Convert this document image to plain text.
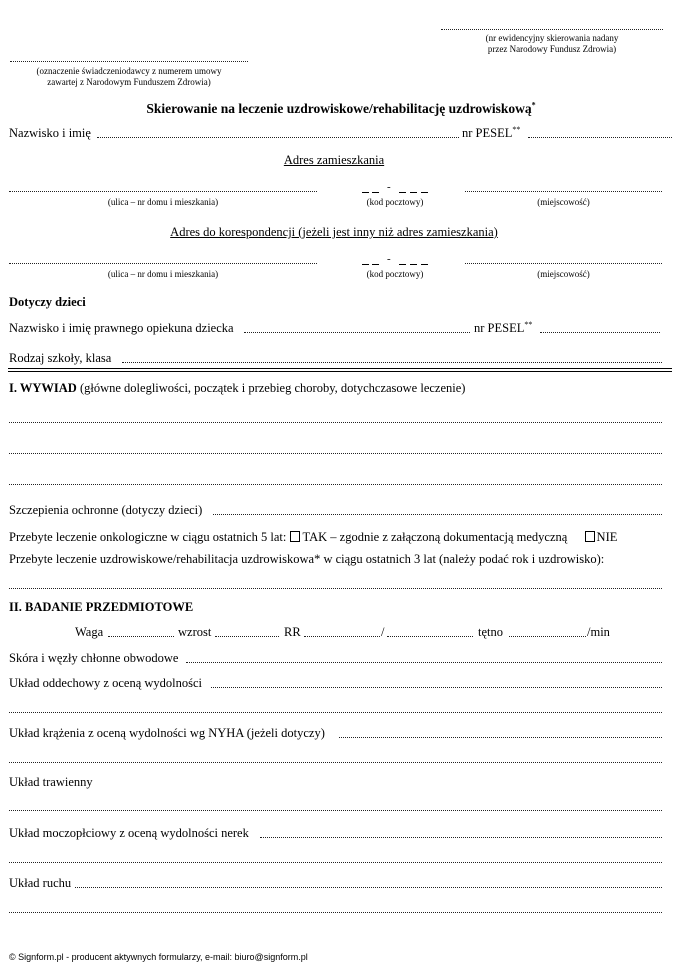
(nr ewidencyjny skierowania nadany
przez Narodowy Fundusz Zdrowia)
(oznaczenie świadczeniodawcy z numerem umowy
zawartej z Narodowym Funduszem Zdrowia)
Skierowanie na leczenie uzdrowiskowe/rehabilitację uzdrowiskową*
Nazwisko i imię	nr PESEL**
Adres zamieszkania
-
(ulica – nr domu i mieszkania)	(kod pocztowy)	(miejscowość)
Adres do korespondencji (jeżeli jest inny niż adres zamieszkania)
-
(ulica – nr domu i mieszkania)	(kod pocztowy)	(miejscowość)
Dotyczy dzieci
Nazwisko i imię prawnego opiekuna dziecka	nr PESEL**
Rodzaj szkoły, klasa
I. WYWIAD (główne dolegliwości, początek i przebieg choroby, dotychczasowe leczenie)
Szczepienia ochronne (dotyczy dzieci)
Przebyte leczenie onkologiczne w ciągu ostatnich 5 lat: TAK – zgodnie z załączoną dokumentacją medyczną NIE
Przebyte leczenie uzdrowiskowe/rehabilitacja uzdrowiskowa* w ciągu ostatnich 3 lat (należy podać rok i uzdrowisko):
II. BADANIE PRZEDMIOTOWE
Waga	wzrost	RR	/	tętno	/min
Skóra i węzły chłonne obwodowe
Układ oddechowy z oceną wydolności
Układ krążenia z oceną wydolności wg NYHA (jeżeli dotyczy)
Układ trawienny
Układ moczopłciowy z oceną wydolności nerek
Układ ruchu
© Signform.pl - producent aktywnych formularzy, e-mail: biuro@signform.pl
